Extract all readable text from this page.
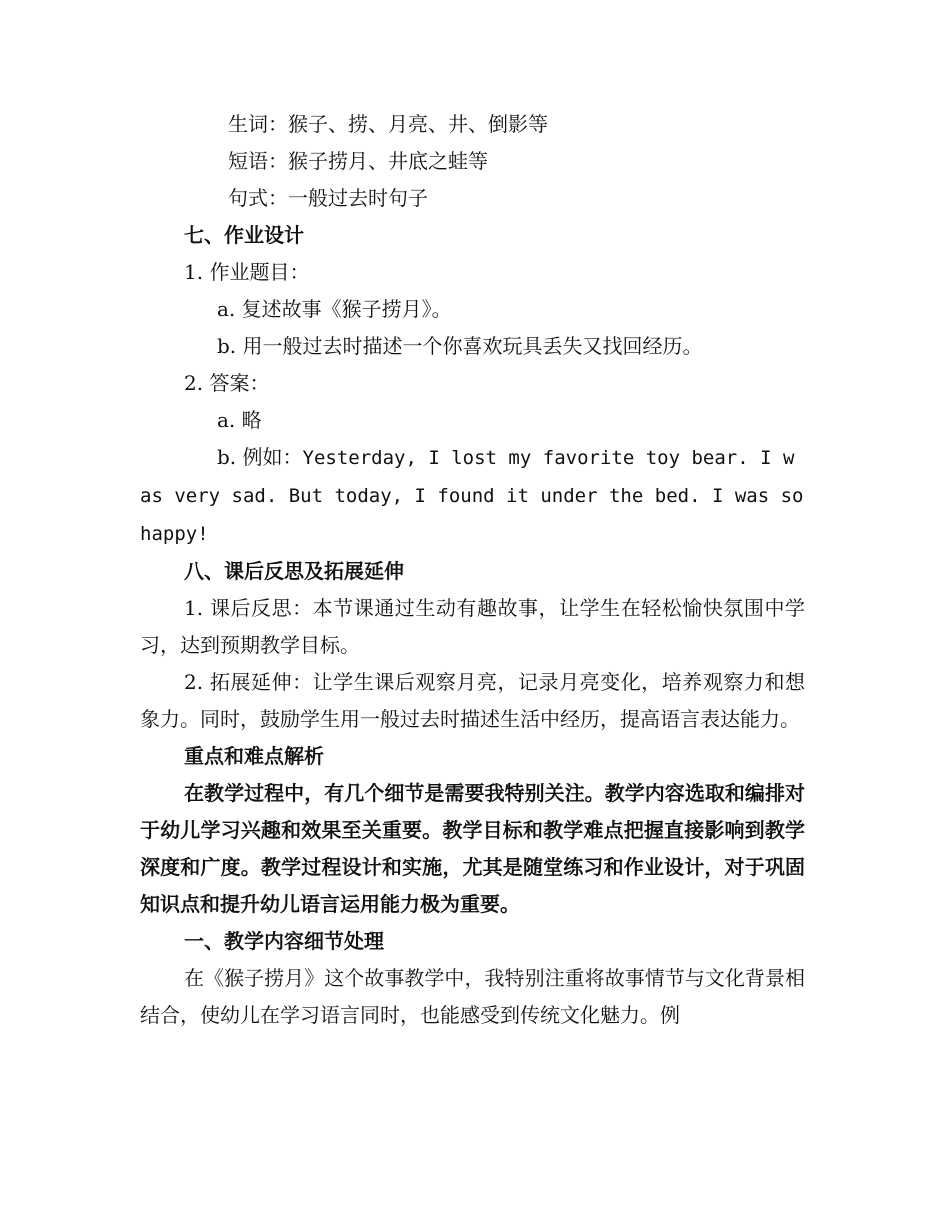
生词：猴子、捞、月亮、井、倒影等
短语：猴子捞月、井底之蛙等
句式：一般过去时句子
七、作业设计
1. 作业题目：
a. 复述故事《猴子捞月》。
b. 用一般过去时描述一个你喜欢玩具丢失又找回经历。
2. 答案：
a. 略
b. 例如：Yesterday, I lost my favorite toy bear. I was very sad. But today, I found it under the bed. I was so happy!
八、课后反思及拓展延伸
1. 课后反思：本节课通过生动有趣故事，让学生在轻松愉快氛围中学习，达到预期教学目标。
2. 拓展延伸：让学生课后观察月亮，记录月亮变化，培养观察力和想象力。同时，鼓励学生用一般过去时描述生活中经历，提高语言表达能力。
重点和难点解析
在教学过程中，有几个细节是需要我特别关注。教学内容选取和编排对于幼儿学习兴趣和效果至关重要。教学目标和教学难点把握直接影响到教学深度和广度。教学过程设计和实施，尤其是随堂练习和作业设计，对于巩固知识点和提升幼儿语言运用能力极为重要。
一、教学内容细节处理
在《猴子捞月》这个故事教学中，我特别注重将故事情节与文化背景相结合，使幼儿在学习语言同时，也能感受到传统文化魅力。例
